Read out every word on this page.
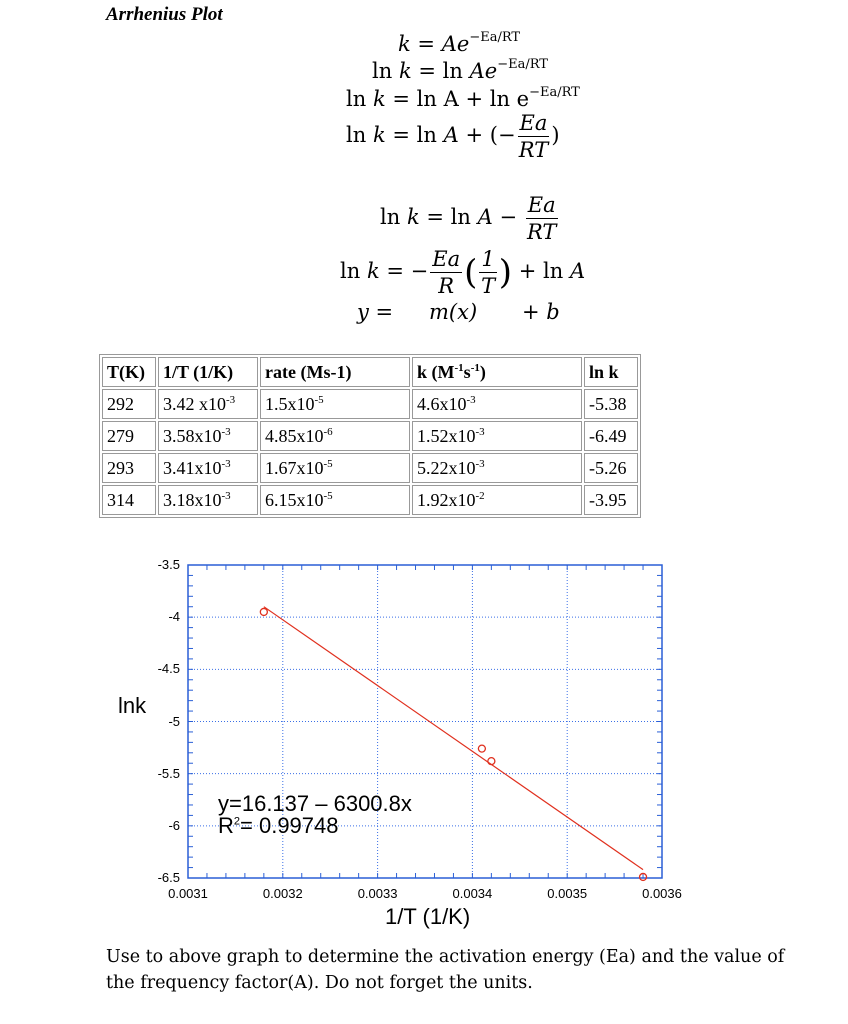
Arrhenius Plot
$k = Ae^{-Ea/RT}$
$\ln k = \ln Ae^{-Ea/RT}$
$\ln k = \ln A + \ln e^{-Ea/RT}$
ln k = ln A + (− $\frac{Ea}{RT}$ )
$\ln k = \ln A - \frac{Ea}{RT}$
ln k = − $\frac{Ea}{R}$ ( $\frac{1}{T}$ ) + ln A
y = m(x) + b
T(K)	1/T (1/K)	rate (Ms-1)	k $(M^{-1}s^{-1})$	ln k
292	3.42 $x10^{-3}$	$1.5x10^{-5}$	$4.6x10^{-3}$	-5.38
279	$3.58x10^{-3}$	$4.85x10^{-6}$	$1.52x10^{-3}$	-6.49
293	$3.41x10^{-3}$	$1.67x10^{-5}$	$5.22x10^{-3}$	-5.26
314	$3.18x10^{-3}$	$6.15x10^{-5}$	$1.92x10^{-2}$	-3.95
lnk
1/T (1/K)
y=16.137 – 6300.8x
$R^2= 0.99748$
-3.5
-4
-4.5
-5
-5.5
-6
-6.5
0.0031	0.0032	0.0033	0.0034	0.0035	0.0036
Use to above graph to determine the activation energy (Ea) and the value of the frequency factor(A). Do not forget the units.
